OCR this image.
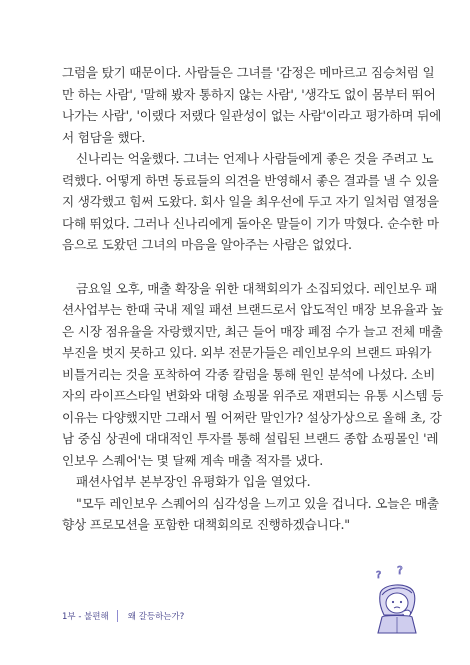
그럼을 탔기 때문이다. 사람들은 그녀를 '감정은 메마르고 짐승처럼 일
만 하는 사람', '말해 봤자 통하지 않는 사람', '생각도 없이 몸부터 뛰어
나가는 사람', '이랬다 저랬다 일관성이 없는 사람'이라고 평가하며 뒤에
서 험담을 했다.
신나리는 억울했다. 그녀는 언제나 사람들에게 좋은 것을 주려고 노
력했다. 어떻게 하면 동료들의 의견을 반영해서 좋은 결과를 낼 수 있을
지 생각했고 힘써 도왔다. 회사 일을 최우선에 두고 자기 일처럼 열정을
다해 뛰었다. 그러나 신나리에게 돌아온 말들이 기가 막혔다. 순수한 마
음으로 도왔던 그녀의 마음을 알아주는 사람은 없었다.
금요일 오후, 매출 확장을 위한 대책회의가 소집되었다. 레인보우 패
션사업부는 한때 국내 제일 패션 브랜드로서 압도적인 매장 보유율과 높
은 시장 점유율을 자랑했지만, 최근 들어 매장 폐점 수가 늘고 전체 매출
부진을 벗지 못하고 있다. 외부 전문가들은 레인보우의 브랜드 파워가
비틀거리는 것을 포착하여 각종 칼럼을 통해 원인 분석에 나섰다. 소비
자의 라이프스타일 변화와 대형 쇼핑몰 위주로 재편되는 유통 시스템 등
이유는 다양했지만 그래서 뭘 어쩌란 말인가? 설상가상으로 올해 초, 강
남 중심 상권에 대대적인 투자를 통해 설립된 브랜드 종합 쇼핑몰인 '레
인보우 스퀘어'는 몇 달째 계속 매출 적자를 냈다.
패션사업부 본부장인 유평화가 입을 열었다.
"모두 레인보우 스퀘어의 심각성을 느끼고 있을 겁니다. 오늘은 매출
향상 프로모션을 포함한 대책회의로 진행하겠습니다."
1부 - 불편해 왜 갈등하는가?
? ?
